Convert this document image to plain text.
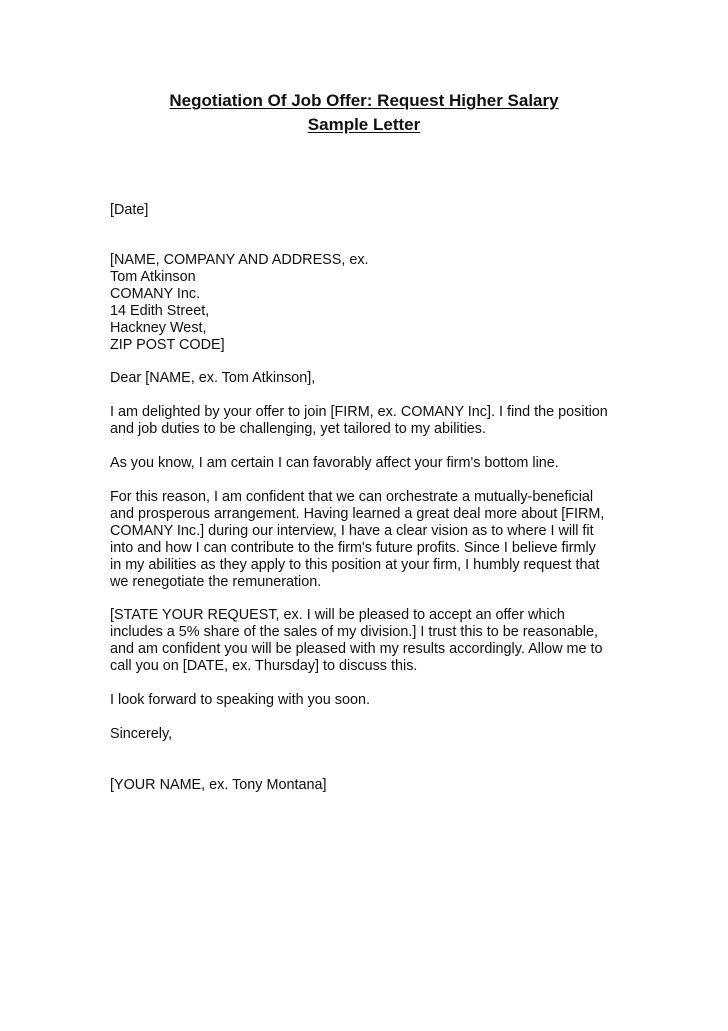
Negotiation Of Job Offer: Request Higher Salary
Sample Letter
[Date]
[NAME, COMPANY AND ADDRESS, ex.
Tom Atkinson
COMANY Inc.
14 Edith Street,
Hackney West,
ZIP POST CODE]
Dear [NAME, ex. Tom Atkinson],
I am delighted by your offer to join [FIRM, ex. COMANY Inc]. I find the position
and job duties to be challenging, yet tailored to my abilities.
As you know, I am certain I can favorably affect your firm's bottom line.
For this reason, I am confident that we can orchestrate a mutually-beneficial
and prosperous arrangement. Having learned a great deal more about [FIRM,
COMANY Inc.] during our interview, I have a clear vision as to where I will fit
into and how I can contribute to the firm's future profits. Since I believe firmly
in my abilities as they apply to this position at your firm, I humbly request that
we renegotiate the remuneration.
[STATE YOUR REQUEST, ex. I will be pleased to accept an offer which
includes a 5% share of the sales of my division.] I trust this to be reasonable,
and am confident you will be pleased with my results accordingly. Allow me to
call you on [DATE, ex. Thursday] to discuss this.
I look forward to speaking with you soon.
Sincerely,
[YOUR NAME, ex. Tony Montana]
